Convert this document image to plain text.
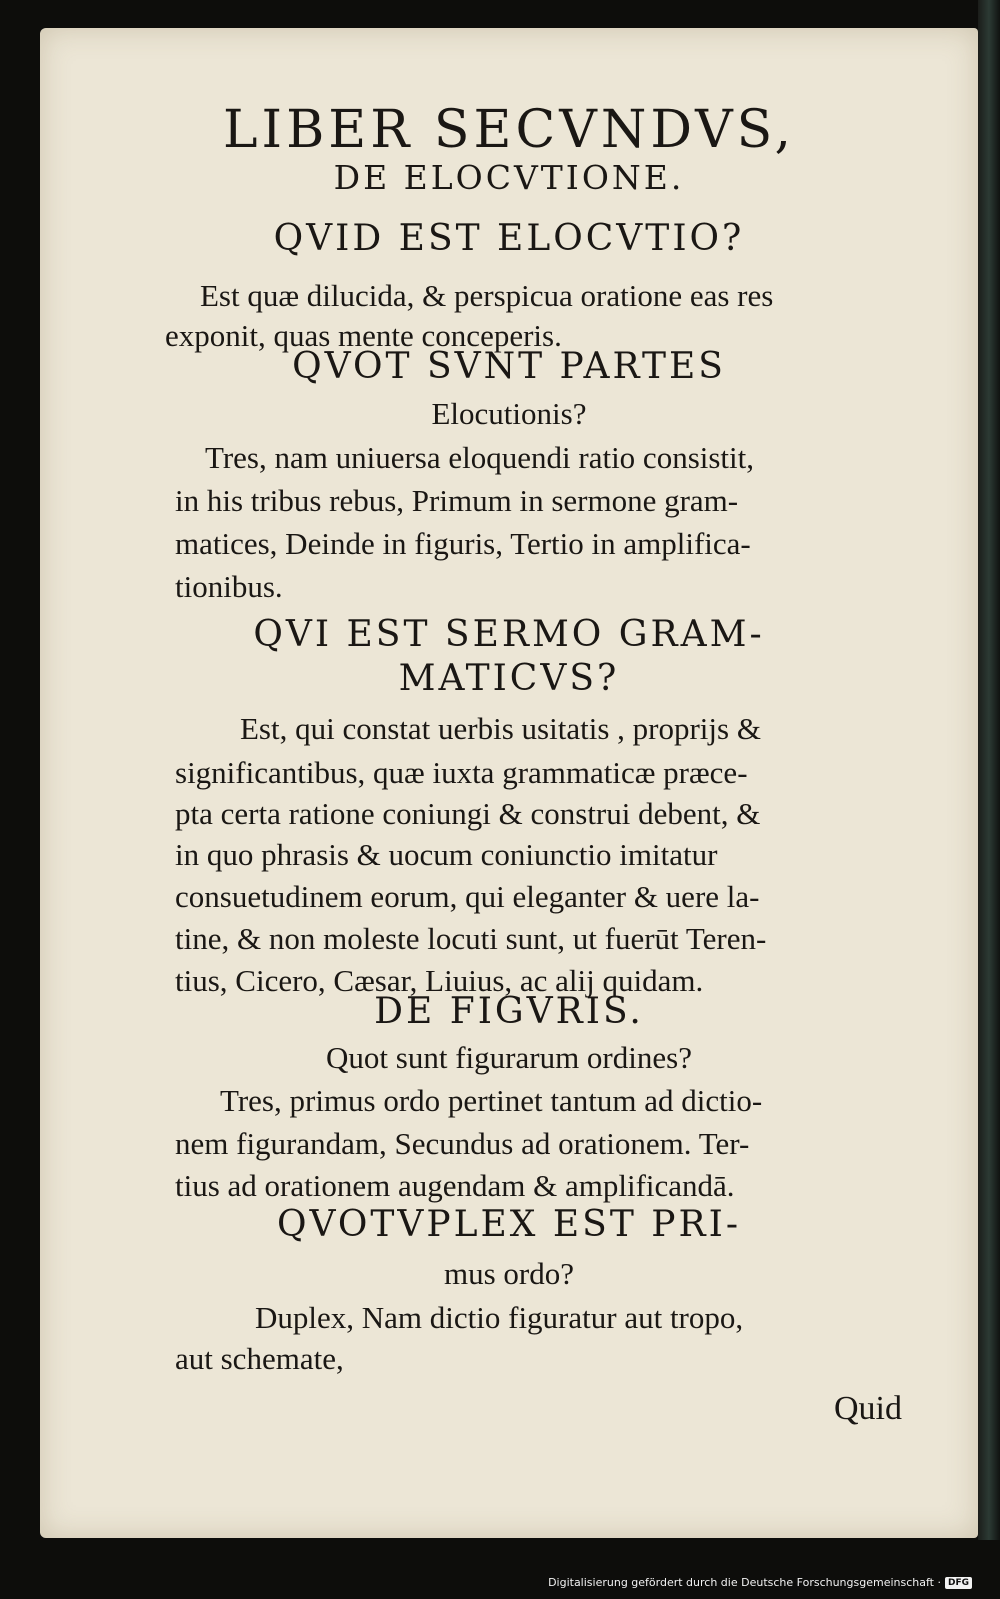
LIBER SECVNDVS,
DE ELOCVTIONE.
QVID EST ELOCVTIO?
Est quæ dilucida, & perspicua oratione eas res
exponit, quas mente conceperis.
QVOT SVNT PARTES
Elocutionis?
Tres, nam uniuersa eloquendi ratio consistit,
in his tribus rebus, Primum in sermone gram-
matices, Deinde in figuris, Tertio in amplifica-
tionibus.
QVI EST SERMO GRAM-
MATICVS?
Est, qui constat uerbis usitatis , proprijs &
significantibus, quæ iuxta grammaticæ præce-
pta certa ratione coniungi & construi debent, &
in quo phrasis & uocum coniunctio imitatur
consuetudinem eorum, qui eleganter & uere la-
tine, & non moleste locuti sunt, ut fuerūt Teren-
tius, Cicero, Cæsar, Liuius, ac alij quidam.
DE FIGVRIS.
Quot sunt figurarum ordines?
Tres, primus ordo pertinet tantum ad dictio-
nem figurandam, Secundus ad orationem. Ter-
tius ad orationem augendam & amplificandā.
QVOTVPLEX EST PRI-
mus ordo?
Duplex, Nam dictio figuratur aut tropo,
aut schemate,
Quid
Digitalisierung gefördert durch die Deutsche Forschungsgemeinschaft · DFG
